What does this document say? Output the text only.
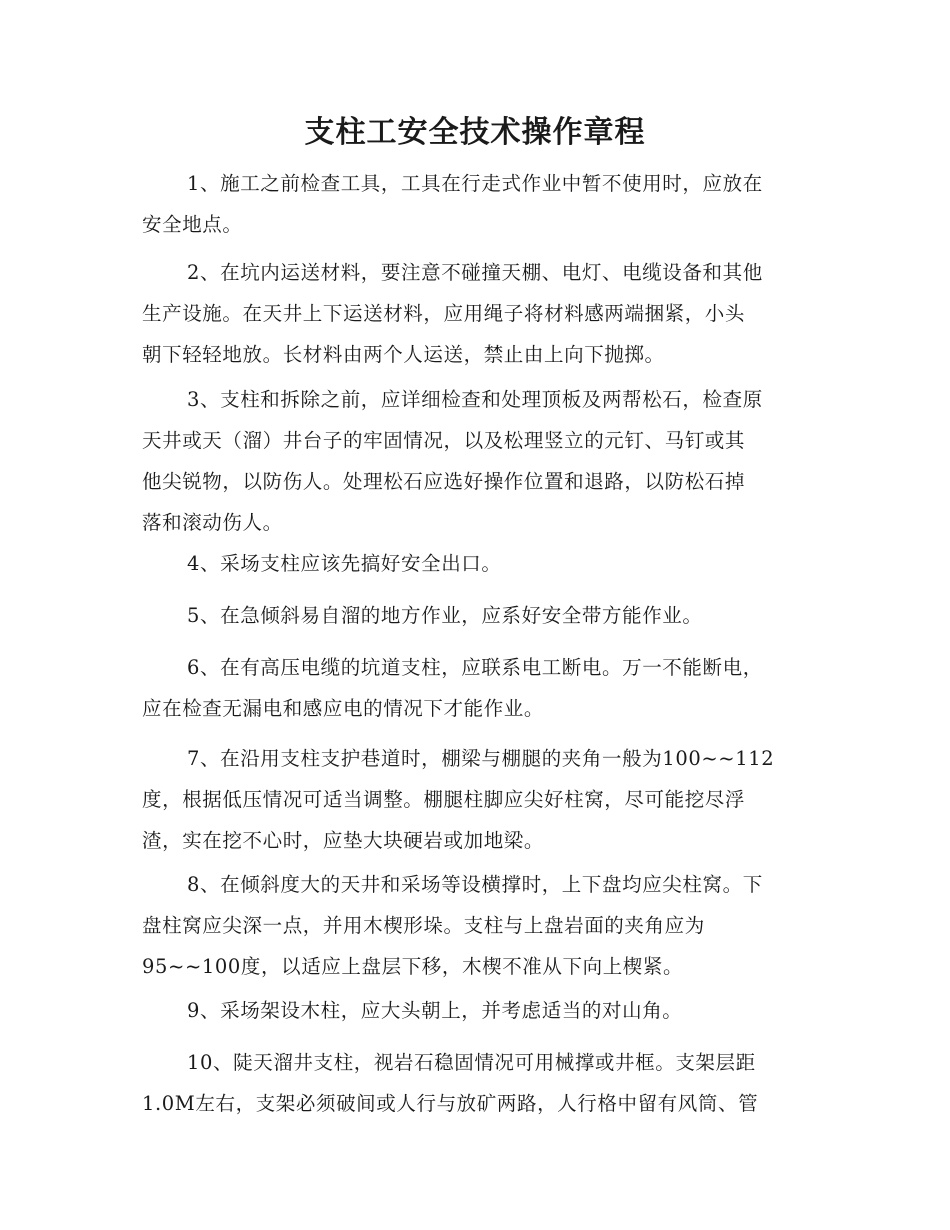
支柱工安全技术操作章程

1、施工之前检查工具，工具在行走式作业中暂不使用时，应放在
安全地点。

2、在坑内运送材料，要注意不碰撞天棚、电灯、电缆设备和其他
生产设施。在天井上下运送材料，应用绳子将材料感两端捆紧，小头
朝下轻轻地放。长材料由两个人运送，禁止由上向下抛掷。

3、支柱和拆除之前，应详细检查和处理顶板及两帮松石，检查原
天井或天（溜）井台子的牢固情况，以及松理竖立的元钉、马钉或其
他尖锐物，以防伤人。处理松石应选好操作位置和退路，以防松石掉
落和滚动伤人。

4、采场支柱应该先搞好安全出口。

5、在急倾斜易自溜的地方作业，应系好安全带方能作业。

6、在有高压电缆的坑道支柱，应联系电工断电。万一不能断电，
应在检查无漏电和感应电的情况下才能作业。

7、在沿用支柱支护巷道时，棚梁与棚腿的夹角一般为100~~112
度，根据低压情况可适当调整。棚腿柱脚应尖好柱窝，尽可能挖尽浮
渣，实在挖不心时，应垫大块硬岩或加地梁。

8、在倾斜度大的天井和采场等设横撑时，上下盘均应尖柱窝。下
盘柱窝应尖深一点，并用木楔形垛。支柱与上盘岩面的夹角应为
95~~100度，以适应上盘层下移，木楔不准从下向上楔紧。

9、采场架设木柱，应大头朝上，并考虑适当的对山角。

10、陡天溜井支柱，视岩石稳固情况可用械撑或井框。支架层距
1.0M左右，支架必须破间或人行与放矿两路，人行格中留有风筒、管
